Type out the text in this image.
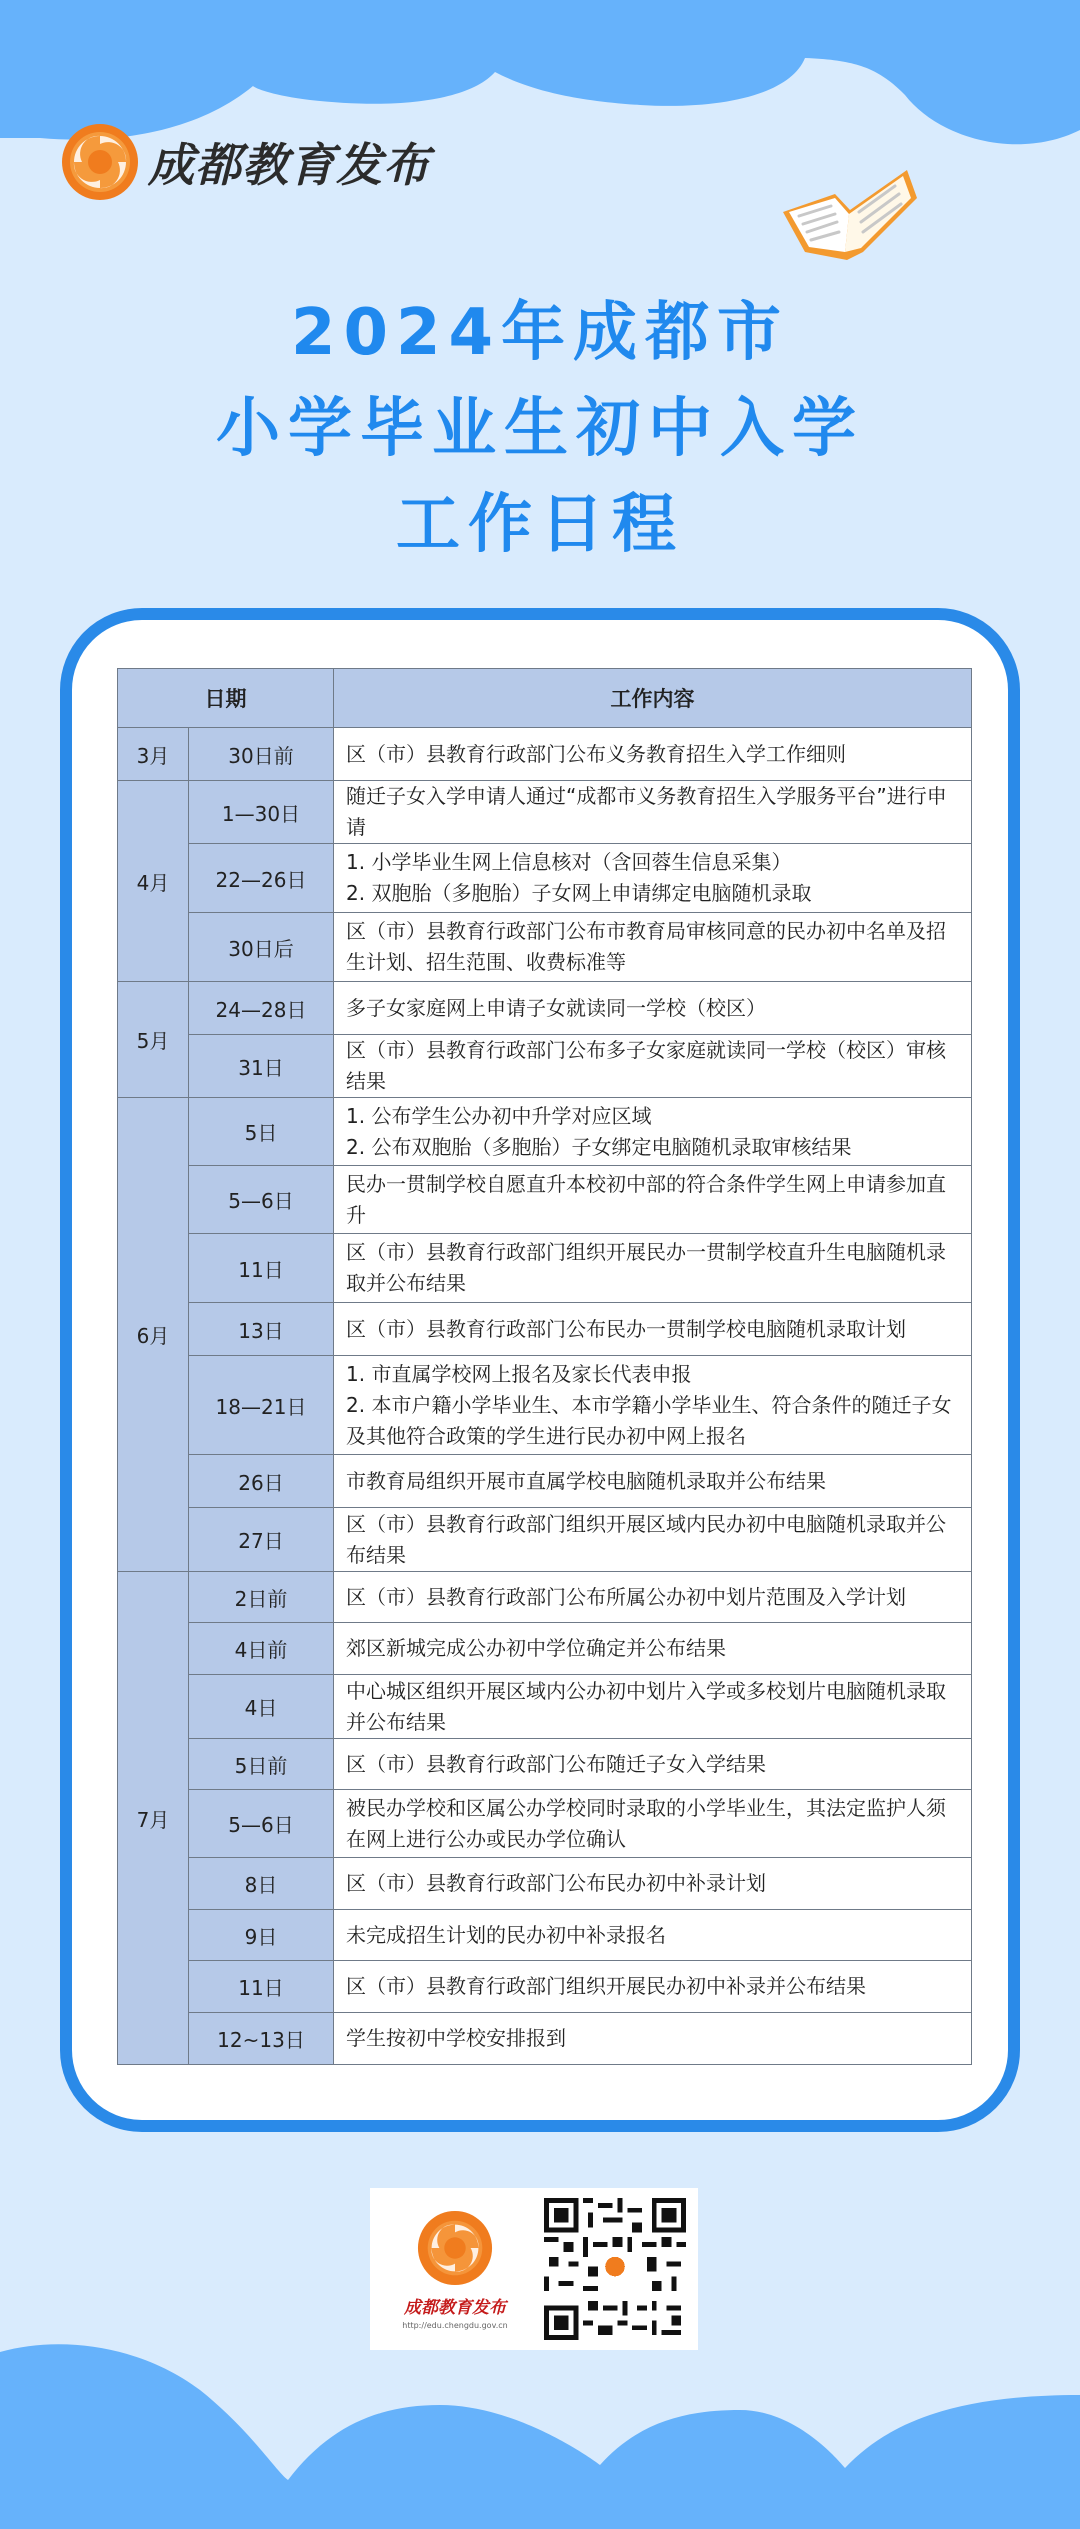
成都教育发布
2024年成都市
小学毕业生初中入学
工作日程
日期		工作内容
3月	30日前	区（市）县教育行政部门公布义务教育招生入学工作细则

4月	1—30日	随迁子女入学申请人通过“成都市义务教育招生入学服务平台”进行申请

	22—26日	1. 小学毕业生网上信息核对（含回蓉生信息采集）
2. 双胞胎（多胞胎）子女网上申请绑定电脑随机录取

	30日后	区（市）县教育行政部门公布市教育局审核同意的民办初中名单及招生计划、招生范围、收费标准等

5月	24—28日	多子女家庭网上申请子女就读同一学校（校区）

	31日	区（市）县教育行政部门公布多子女家庭就读同一学校（校区）审核结果

6月	5日	1. 公布学生公办初中升学对应区域
2. 公布双胞胎（多胞胎）子女绑定电脑随机录取审核结果

	5—6日	民办一贯制学校自愿直升本校初中部的符合条件学生网上申请参加直升

	11日	区（市）县教育行政部门组织开展民办一贯制学校直升生电脑随机录取并公布结果

	13日	区（市）县教育行政部门公布民办一贯制学校电脑随机录取计划

	18—21日	1. 市直属学校网上报名及家长代表申报
2. 本市户籍小学毕业生、本市学籍小学毕业生、符合条件的随迁子女及其他符合政策的学生进行民办初中网上报名

	26日	市教育局组织开展市直属学校电脑随机录取并公布结果

	27日	区（市）县教育行政部门组织开展区域内民办初中电脑随机录取并公布结果

7月	2日前	区（市）县教育行政部门公布所属公办初中划片范围及入学计划

	4日前	郊区新城完成公办初中学位确定并公布结果

	4日	中心城区组织开展区域内公办初中划片入学或多校划片电脑随机录取并公布结果

	5日前	区（市）县教育行政部门公布随迁子女入学结果

	5—6日	被民办学校和区属公办学校同时录取的小学毕业生，其法定监护人须在网上进行公办或民办学位确认

	8日	区（市）县教育行政部门公布民办初中补录计划

	9日	未完成招生计划的民办初中补录报名

	11日	区（市）县教育行政部门组织开展民办初中补录并公布结果

	12~13日	学生按初中学校安排报到
成都教育发布
http://edu.chengdu.gov.cn
